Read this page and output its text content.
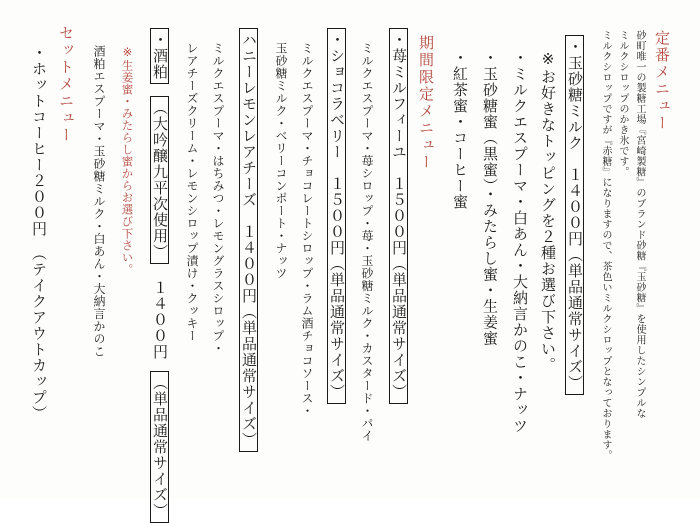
定番メニュー
砂町唯一の製糖工場『宮崎製糖』のブランド砂糖『玉砂糖』を使用したシンプルな
ミルクシロップのかき氷です。
ミルクシロップですが『赤糖』になりますので、茶色いミルクシロップとなっております。
・玉砂糖ミルク　１４００円（単品通常サイズ）
※お好きなトッピングを２種お選び下さい。
・ミルクエスプーマ・白あん・大納言かのこ・ナッツ
・玉砂糖蜜（黒蜜）・みたらし蜜・生姜蜜
・紅茶蜜・コーヒー蜜
期間限定メニュー
・苺ミルフィーユ　１５００円（単品通常サイズ）
ミルクエスプーマ・苺シロップ・苺・玉砂糖ミルク・カスタード・パイ
・ショコラベリー　１５００円（単品通常サイズ）
ミルクエスプーマ・チョコレートシロップ・ラム酒チョコソース・
玉砂糖ミルク・ベリーコンポート・ナッツ
ハニーレモンレアチーズ　１４００円（単品通常サイズ）
ミルクエスプーマ・はちみつ・レモングラスシロップ・
レアチーズクリーム・レモンシロップ漬け・クッキー
・酒粕 （大吟醸九平次使用） １４００円 （単品通常サイズ）
※生姜蜜・みたらし蜜からお選び下さい。
酒粕エスプーマ・玉砂糖ミルク・白あん・大納言かのこ
セットメニュー
・ホットコーヒー２００円　（テイクアウトカップ）
